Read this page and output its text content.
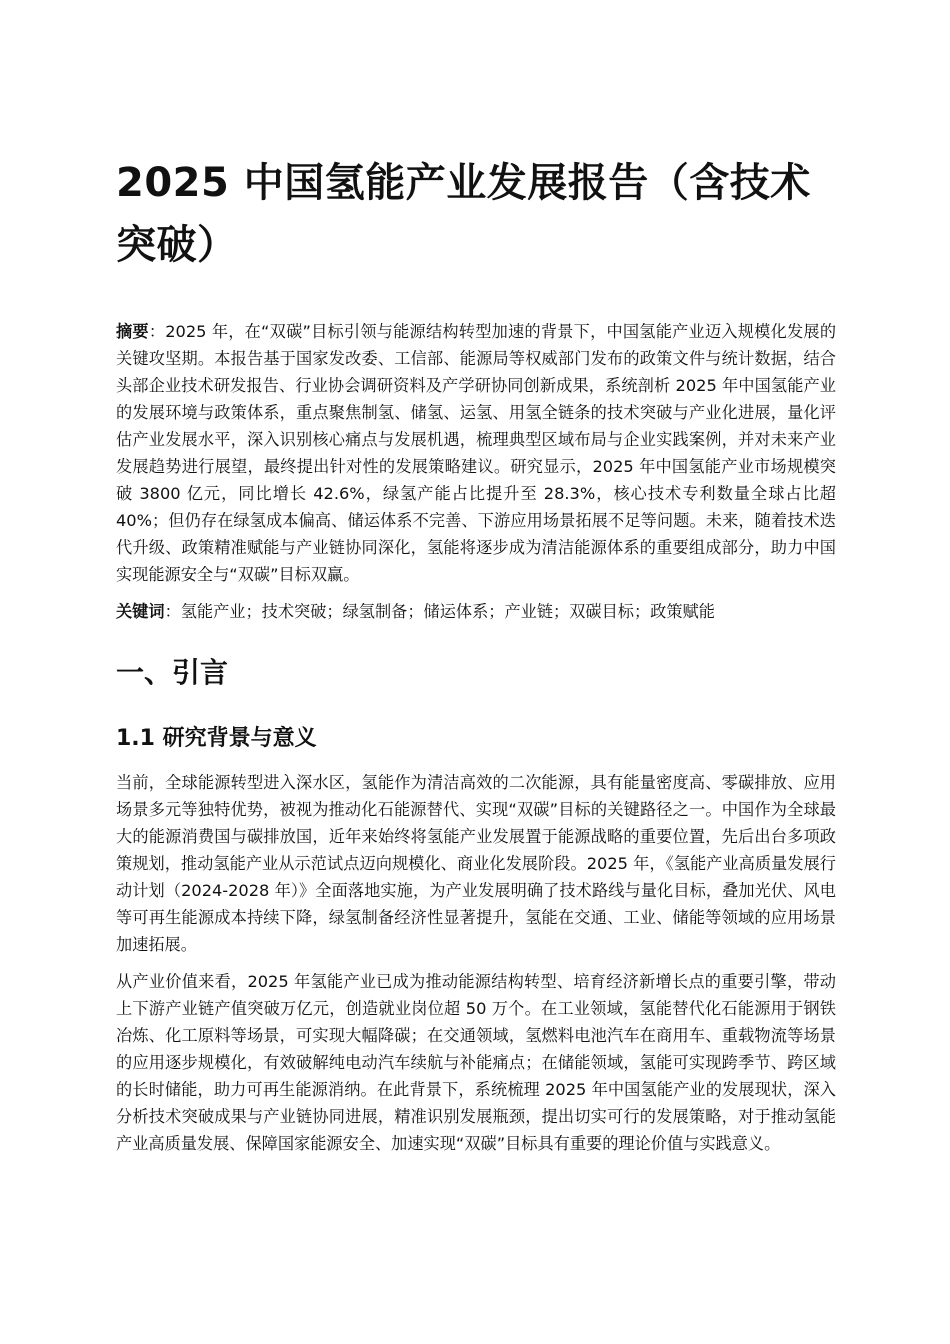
2025 中国氢能产业发展报告（含技术突破）

摘要：2025 年，在“双碳”目标引领与能源结构转型加速的背景下，中国氢能产业迈入规模化发展的关键攻坚期。本报告基于国家发改委、工信部、能源局等权威部门发布的政策文件与统计数据，结合头部企业技术研发报告、行业协会调研资料及产学研协同创新成果，系统剖析 2025 年中国氢能产业的发展环境与政策体系，重点聚焦制氢、储氢、运氢、用氢全链条的技术突破与产业化进展，量化评估产业发展水平，深入识别核心痛点与发展机遇，梳理典型区域布局与企业实践案例，并对未来产业发展趋势进行展望，最终提出针对性的发展策略建议。研究显示，2025 年中国氢能产业市场规模突破 3800 亿元，同比增长 42.6%，绿氢产能占比提升至 28.3%，核心技术专利数量全球占比超 40%；但仍存在绿氢成本偏高、储运体系不完善、下游应用场景拓展不足等问题。未来，随着技术迭代升级、政策精准赋能与产业链协同深化，氢能将逐步成为清洁能源体系的重要组成部分，助力中国实现能源安全与“双碳”目标双赢。

关键词：氢能产业；技术突破；绿氢制备；储运体系；产业链；双碳目标；政策赋能

一、引言
1.1 研究背景与意义

当前，全球能源转型进入深水区，氢能作为清洁高效的二次能源，具有能量密度高、零碳排放、应用场景多元等独特优势，被视为推动化石能源替代、实现“双碳”目标的关键路径之一。中国作为全球最大的能源消费国与碳排放国，近年来始终将氢能产业发展置于能源战略的重要位置，先后出台多项政策规划，推动氢能产业从示范试点迈向规模化、商业化发展阶段。2025 年，《氢能产业高质量发展行动计划（2024-2028 年）》全面落地实施，为产业发展明确了技术路线与量化目标，叠加光伏、风电等可再生能源成本持续下降，绿氢制备经济性显著提升，氢能在交通、工业、储能等领域的应用场景加速拓展。

从产业价值来看，2025 年氢能产业已成为推动能源结构转型、培育经济新增长点的重要引擎，带动上下游产业链产值突破万亿元，创造就业岗位超 50 万个。在工业领域，氢能替代化石能源用于钢铁冶炼、化工原料等场景，可实现大幅降碳；在交通领域，氢燃料电池汽车在商用车、重载物流等场景的应用逐步规模化，有效破解纯电动汽车续航与补能痛点；在储能领域，氢能可实现跨季节、跨区域的长时储能，助力可再生能源消纳。在此背景下，系统梳理 2025 年中国氢能产业的发展现状，深入分析技术突破成果与产业链协同进展，精准识别发展瓶颈，提出切实可行的发展策略，对于推动氢能产业高质量发展、保障国家能源安全、加速实现“双碳”目标具有重要的理论价值与实践意义。
